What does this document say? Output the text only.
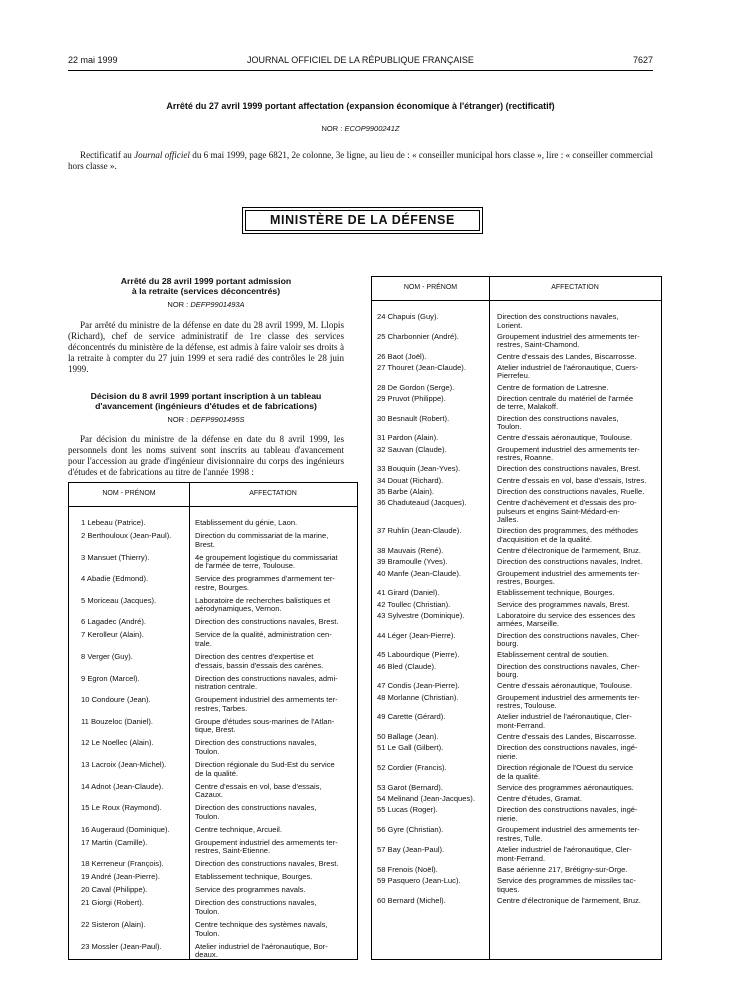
22 mai 1999	JOURNAL OFFICIEL DE LA RÉPUBLIQUE FRANÇAISE	7627
Arrêté du 27 avril 1999 portant affectation (expansion économique à l'étranger) (rectificatif)
NOR : ECOP9900241Z
Rectificatif au Journal officiel du 6 mai 1999, page 6821, 2e colonne, 3e ligne, au lieu de : « conseiller municipal hors classe », lire : « conseiller commercial hors classe ».
MINISTÈRE DE LA DÉFENSE
Arrêté du 28 avril 1999 portant admission
à la retraite (services déconcentrés)
NOR : DEFP9901493A
Par arrêté du ministre de la défense en date du 28 avril 1999, M. Llopis (Richard), chef de service administratif de 1re classe des services déconcentrés du ministère de la défense, est admis à faire valoir ses droits à la retraite à compter du 27 juin 1999 et sera radié des contrôles le 28 juin 1999.
Décision du 8 avril 1999 portant inscription à un tableau
d'avancement (ingénieurs d'études et de fabrications)
NOR : DEFP9901495S
Par décision du ministre de la défense en date du 8 avril 1999, les personnels dont les noms suivent sont inscrits au tableau d'avancement pour l'accession au grade d'ingénieur divisionnaire du corps des ingénieurs d'études et de fabrications au titre de l'année 1998 :
NOM - PRÉNOM	AFFECTATION
1 Lebeau (Patrice).	Etablissement du génie, Laon.
2 Berthouloux (Jean-Paul).	Direction du commissariat de la marine,
Brest.
3 Mansuet (Thierry).	4e groupement logistique du commissariat
de l'armée de terre, Toulouse.
4 Abadie (Edmond).	Service des programmes d'armement ter-
restre, Bourges.
5 Moriceau (Jacques).	Laboratoire de recherches balistiques et
aérodynamiques, Vernon.
6 Lagadec (André).	Direction des constructions navales, Brest.
7 Kerolleur (Alain).	Service de la qualité, administration cen-
trale.
8 Verger (Guy).	Direction des centres d'expertise et
d'essais, bassin d'essais des carènes.
9 Egron (Marcel).	Direction des constructions navales, admi-
nistration centrale.
10 Condoure (Jean).	Groupement industriel des armements ter-
restres, Tarbes.
11 Bouzeloc (Daniel).	Groupe d'études sous-marines de l'Atlan-
tique, Brest.
12 Le Noellec (Alain).	Direction des constructions navales,
Toulon.
13 Lacroix (Jean-Michel).	Direction régionale du Sud-Est du service
de la qualité.
14 Adnot (Jean-Claude).	Centre d'essais en vol, base d'essais,
Cazaux.
15 Le Roux (Raymond).	Direction des constructions navales,
Toulon.
16 Augeraud (Dominique).	Centre technique, Arcueil.
17 Martin (Camille).	Groupement industriel des armements ter-
restres, Saint-Etienne.
18 Kerreneur (François).	Direction des constructions navales, Brest.
19 André (Jean-Pierre).	Etablissement technique, Bourges.
20 Caval (Philippe).	Service des programmes navals.
21 Giorgi (Robert).	Direction des constructions navales,
Toulon.
22 Sisteron (Alain).	Centre technique des systèmes navals,
Toulon.
23 Mossler (Jean-Paul).	Atelier industriel de l'aéronautique, Bor-
deaux.
NOM - PRÉNOM	AFFECTATION
24 Chapuis (Guy).	Direction des constructions navales,
Lorient.
25 Charbonnier (André).	Groupement industriel des armements ter-
restres, Saint-Chamond.
26 Baot (Joël).	Centre d'essais des Landes, Biscarrosse.
27 Thouret (Jean-Claude).	Atelier industriel de l'aéronautique, Cuers-
Pierrefeu.
28 De Gordon (Serge).	Centre de formation de Latresne.
29 Pruvot (Philippe).	Direction centrale du matériel de l'armée
de terre, Malakoff.
30 Besnault (Robert).	Direction des constructions navales,
Toulon.
31 Pardon (Alain).	Centre d'essais aéronautique, Toulouse.
32 Sauvan (Claude).	Groupement industriel des armements ter-
restres, Roanne.
33 Bouquin (Jean-Yves).	Direction des constructions navales, Brest.
34 Douat (Richard).	Centre d'essais en vol, base d'essais, Istres.
35 Barbe (Alain).	Direction des constructions navales, Ruelle.
36 Chaduteaud (Jacques).	Centre d'achèvement et d'essais des pro-
pulseurs et engins Saint-Médard-en-
Jalles.
37 Ruhlin (Jean-Claude).	Direction des programmes, des méthodes
d'acquisition et de la qualité.
38 Mauvais (René).	Centre d'électronique de l'armement, Bruz.
39 Bramoulle (Yves).	Direction des constructions navales, Indret.
40 Manfe (Jean-Claude).	Groupement industriel des armements ter-
restres, Bourges.
41 Girard (Daniel).	Etablissement technique, Bourges.
42 Toullec (Christian).	Service des programmes navals, Brest.
43 Sylvestre (Dominique).	Laboratoire du service des essences des
armées, Marseille.
44 Léger (Jean-Pierre).	Direction des constructions navales, Cher-
bourg.
45 Labourdique (Pierre).	Etablissement central de soutien.
46 Bled (Claude).	Direction des constructions navales, Cher-
bourg.
47 Condis (Jean-Pierre).	Centre d'essais aéronautique, Toulouse.
48 Morlanne (Christian).	Groupement industriel des armements ter-
restres, Toulouse.
49 Carette (Gérard).	Atelier industriel de l'aéronautique, Cler-
mont-Ferrand.
50 Ballage (Jean).	Centre d'essais des Landes, Biscarrosse.
51 Le Gall (Gilbert).	Direction des constructions navales, ingé-
nierie.
52 Cordier (Francis).	Direction régionale de l'Ouest du service
de la qualité.
53 Garot (Bernard).	Service des programmes aéronautiques.
54 Melinand (Jean-Jacques).	Centre d'études, Gramat.
55 Lucas (Roger).	Direction des constructions navales, ingé-
nierie.
56 Gyre (Christian).	Groupement industriel des armements ter-
restres, Tulle.
57 Bay (Jean-Paul).	Atelier industriel de l'aéronautique, Cler-
mont-Ferrand.
58 Frenois (Noël).	Base aérienne 217, Brétigny-sur-Orge.
59 Pasquero (Jean-Luc).	Service des programmes de missiles tac-
tiques.
60 Bernard (Michel).	Centre d'électronique de l'armement, Bruz.
